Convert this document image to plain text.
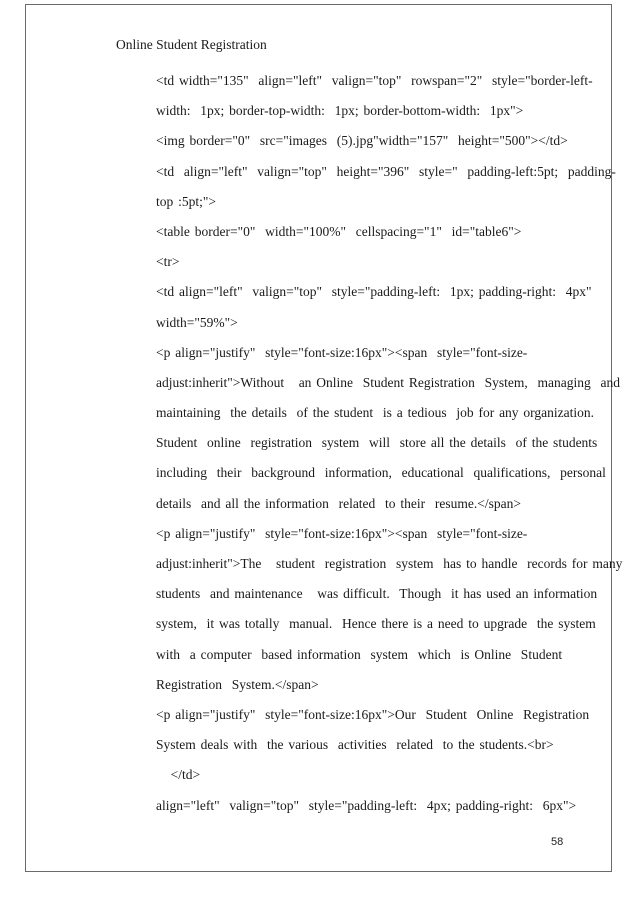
Online Student Registration
<td width="135"  align="left"  valign="top"  rowspan="2"  style="border-left-
width:  1px; border-top-width:  1px; border-bottom-width:  1px">
<img border="0"  src="images  (5).jpg"width="157"  height="500"></td>
<td  align="left"  valign="top"  height="396"  style="  padding-left:5pt;  padding-
top :5pt;">
<table border="0"  width="100%"  cellspacing="1"  id="table6">
<tr>
<td align="left"  valign="top"  style="padding-left:  1px; padding-right:  4px"
width="59%">
<p align="justify"  style="font-size:16px"><span  style="font-size-
adjust:inherit">Without   an Online  Student Registration  System,  managing  and
maintaining  the details  of the student  is a tedious  job for any organization.
Student  online  registration  system  will  store all the details  of the students
including  their  background  information,  educational  qualifications,  personal
details  and all the information  related  to their  resume.</span>
<p align="justify"  style="font-size:16px"><span  style="font-size-
adjust:inherit">The   student  registration  system  has to handle  records for many
students  and maintenance   was difficult.  Though  it has used an information
system,  it was totally  manual.  Hence there is a need to upgrade  the system
with  a computer  based information  system  which  is Online  Student
Registration  System.</span>
<p align="justify"  style="font-size:16px">Our  Student  Online  Registration
System deals with  the various  activities  related  to the students.<br>
</td>
align="left"  valign="top"  style="padding-left:  4px; padding-right:  6px">
58
